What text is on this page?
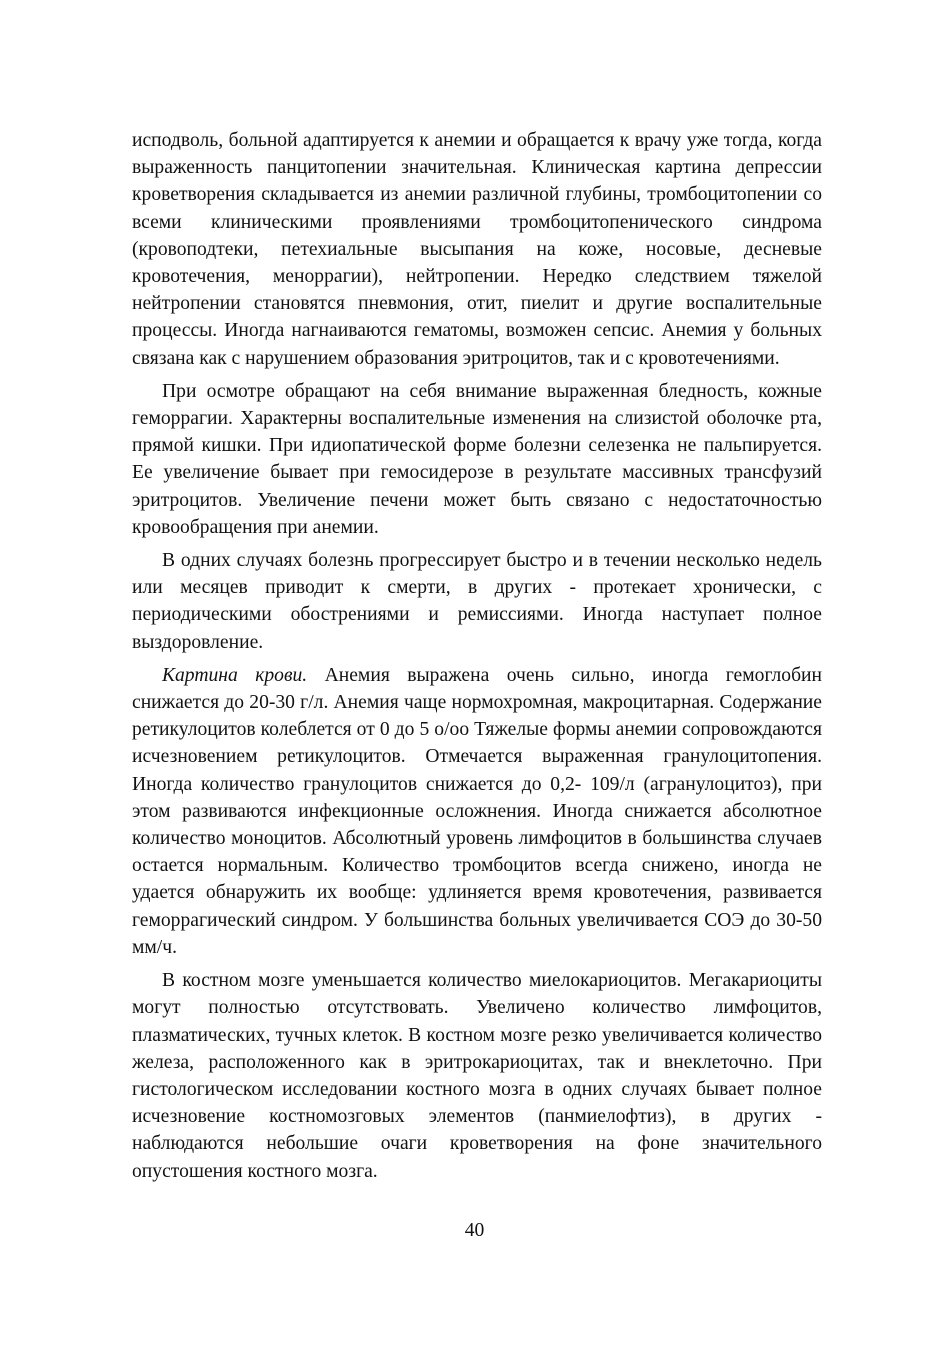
исподволь, больной адаптируется к анемии и обращается к врачу уже тогда, когда выраженность панцитопении значительная. Клиническая картина депрессии кроветворения складывается из анемии различной глубины, тромбоцитопении со всеми клиническими проявлениями тромбоцитопенического синдрома (кровоподтеки, петехиальные высыпания на коже, носовые, десневые кровотечения, меноррагии), нейтропении. Нередко следствием тяжелой нейтропении становятся пневмония, отит, пиелит и другие воспалительные процессы. Иногда нагнаиваются гематомы, возможен сепсис. Анемия у больных связана как с нарушением образования эритроцитов, так и с кровотечениями.

При осмотре обращают на себя внимание выраженная бледность, кожные геморрагии. Характерны воспалительные изменения на слизистой оболочке рта, прямой кишки. При идиопатической форме болезни селезенка не пальпируется. Ее увеличение бывает при гемосидерозе в результате массивных трансфузий эритроцитов. Увеличение печени может быть связано с недостаточностью кровообращения при анемии.

В одних случаях болезнь прогрессирует быстро и в течении несколько недель или месяцев приводит к смерти, в других - протекает хронически, с периодическими обострениями и ремиссиями. Иногда наступает полное выздоровление.

Картина крови. Анемия выражена очень сильно, иногда гемоглобин снижается до 20-30 г/л. Анемия чаще нормохромная, макроцитарная. Содержание ретикулоцитов колеблется от 0 до 5 o/oo Тяжелые формы анемии сопровождаются исчезновением ретикулоцитов. Отмечается выраженная гранулоцитопения. Иногда количество гранулоцитов снижается до 0,2- 109/л (агранулоцитоз), при этом развиваются инфекционные осложнения. Иногда снижается абсолютное количество моноцитов. Абсолютный уровень лимфоцитов в большинства случаев остается нормальным. Количество тромбоцитов всегда снижено, иногда не удается обнаружить их вообще: удлиняется время кровотечения, развивается геморрагический синдром. У большинства больных увеличивается СОЭ до 30-50 мм/ч.

В костном мозге уменьшается количество миелокариоцитов. Мегакариоциты могут полностью отсутствовать. Увеличено количество лимфоцитов, плазматических, тучных клеток. В костном мозге резко увеличивается количество железа, расположенного как в эритрокариоцитах, так и внеклеточно. При гистологическом исследовании костного мозга в одних случаях бывает полное исчезновение костномозговых элементов (панмиелофтиз), в других - наблюдаются небольшие очаги кроветворения на фоне значительного опустошения костного мозга.

40
